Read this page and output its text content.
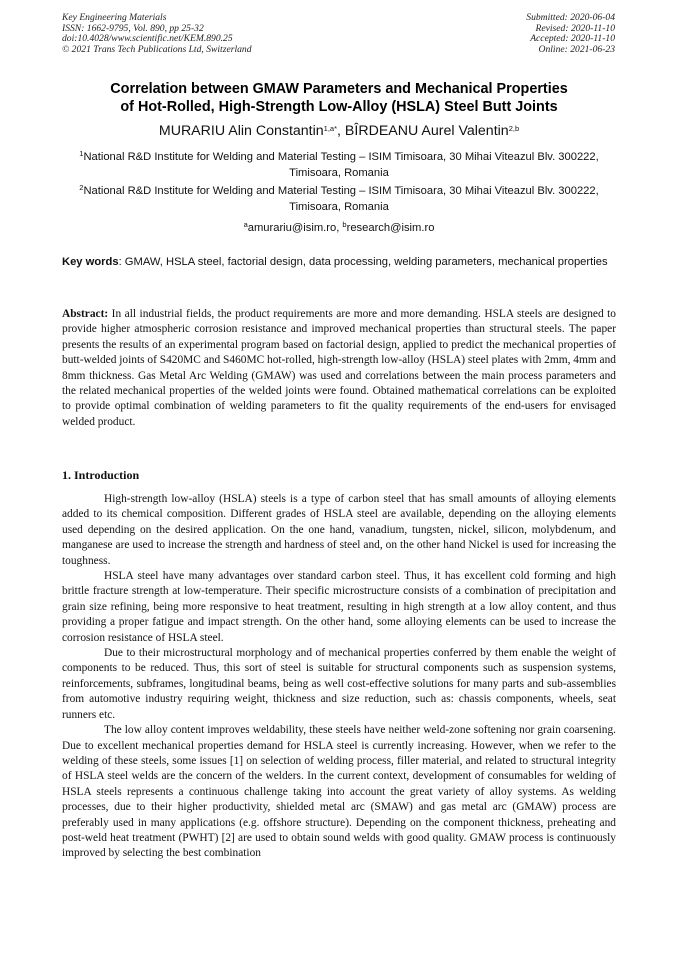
Key Engineering Materials
ISSN: 1662-9795, Vol. 890, pp 25-32
doi:10.4028/www.scientific.net/KEM.890.25
© 2021 Trans Tech Publications Ltd, Switzerland
Submitted: 2020-06-04
Revised: 2020-11-10
Accepted: 2020-11-10
Online: 2021-06-23
Correlation between GMAW Parameters and Mechanical Properties
of Hot-Rolled, High-Strength Low-Alloy (HSLA) Steel Butt Joints
MURARIU Alin Constantin$^{1,a*}$, BÎRDEANU Aurel Valentin$^{2,b}$
$^1$National R&D Institute for Welding and Material Testing – ISIM Timisoara, 30 Mihai Viteazul Blv. 300222, Timisoara, Romania
$^2$National R&D Institute for Welding and Material Testing – ISIM Timisoara, 30 Mihai Viteazul Blv. 300222, Timisoara, Romania
$^a$amurariu@isim.ro, $^b$research@isim.ro
Key words: GMAW, HSLA steel, factorial design, data processing, welding parameters, mechanical properties
Abstract: In all industrial fields, the product requirements are more and more demanding. HSLA steels are designed to provide higher atmospheric corrosion resistance and improved mechanical properties than structural steels. The paper presents the results of an experimental program based on factorial design, applied to predict the mechanical properties of butt-welded joints of S420MC and S460MC hot-rolled, high-strength low-alloy (HSLA) steel plates with 2mm, 4mm and 8mm thickness. Gas Metal Arc Welding (GMAW) was used and correlations between the main process parameters and the related mechanical properties of the welded joints were found. Obtained mathematical correlations can be exploited to provide optimal combination of welding parameters to fit the quality requirements of the end-users for envisaged welded product.
1. Introduction

High-strength low-alloy (HSLA) steels is a type of carbon steel that has small amounts of alloying elements added to its chemical composition. Different grades of HSLA steel are available, depending on the alloying elements used depending on the desired application. On the one hand, vanadium, tungsten, nickel, silicon, molybdenum, and manganese are used to increase the strength and hardness of steel and, on the other hand Nickel is used for increasing the toughness.

HSLA steel have many advantages over standard carbon steel. Thus, it has excellent cold forming and high brittle fracture strength at low-temperature. Their specific microstructure consists of a combination of precipitation and grain size refining, being more responsive to heat treatment, resulting in high strength at a low alloy content, and thus providing a proper fatigue and impact strength. On the other hand, some alloying elements can be used to increase the corrosion resistance of HSLA steel.

Due to their microstructural morphology and of mechanical properties conferred by them enable the weight of components to be reduced. Thus, this sort of steel is suitable for structural components such as suspension systems, reinforcements, subframes, longitudinal beams, being as well cost-effective solutions for many parts and sub-assemblies from automotive industry requiring weight, thickness and size reduction, such as: chassis components, wheels, seat runners etc.

The low alloy content improves weldability, these steels have neither weld-zone softening nor grain coarsening. Due to excellent mechanical properties demand for HSLA steel is currently increasing. However, when we refer to the welding of these steels, some issues [1] on selection of welding process, filler material, and related to structural integrity of HSLA steel welds are the concern of the welders. In the current context, development of consumables for welding of HSLA steels represents a continuous challenge taking into account the great variety of alloy systems. As welding processes, due to their higher productivity, shielded metal arc (SMAW) and gas metal arc (GMAW) process are preferably used in many applications (e.g. offshore structure). Depending on the component thickness, preheating and post-weld heat treatment (PWHT) [2] are used to obtain sound welds with good quality. GMAW process is continuously improved by selecting the best combination
